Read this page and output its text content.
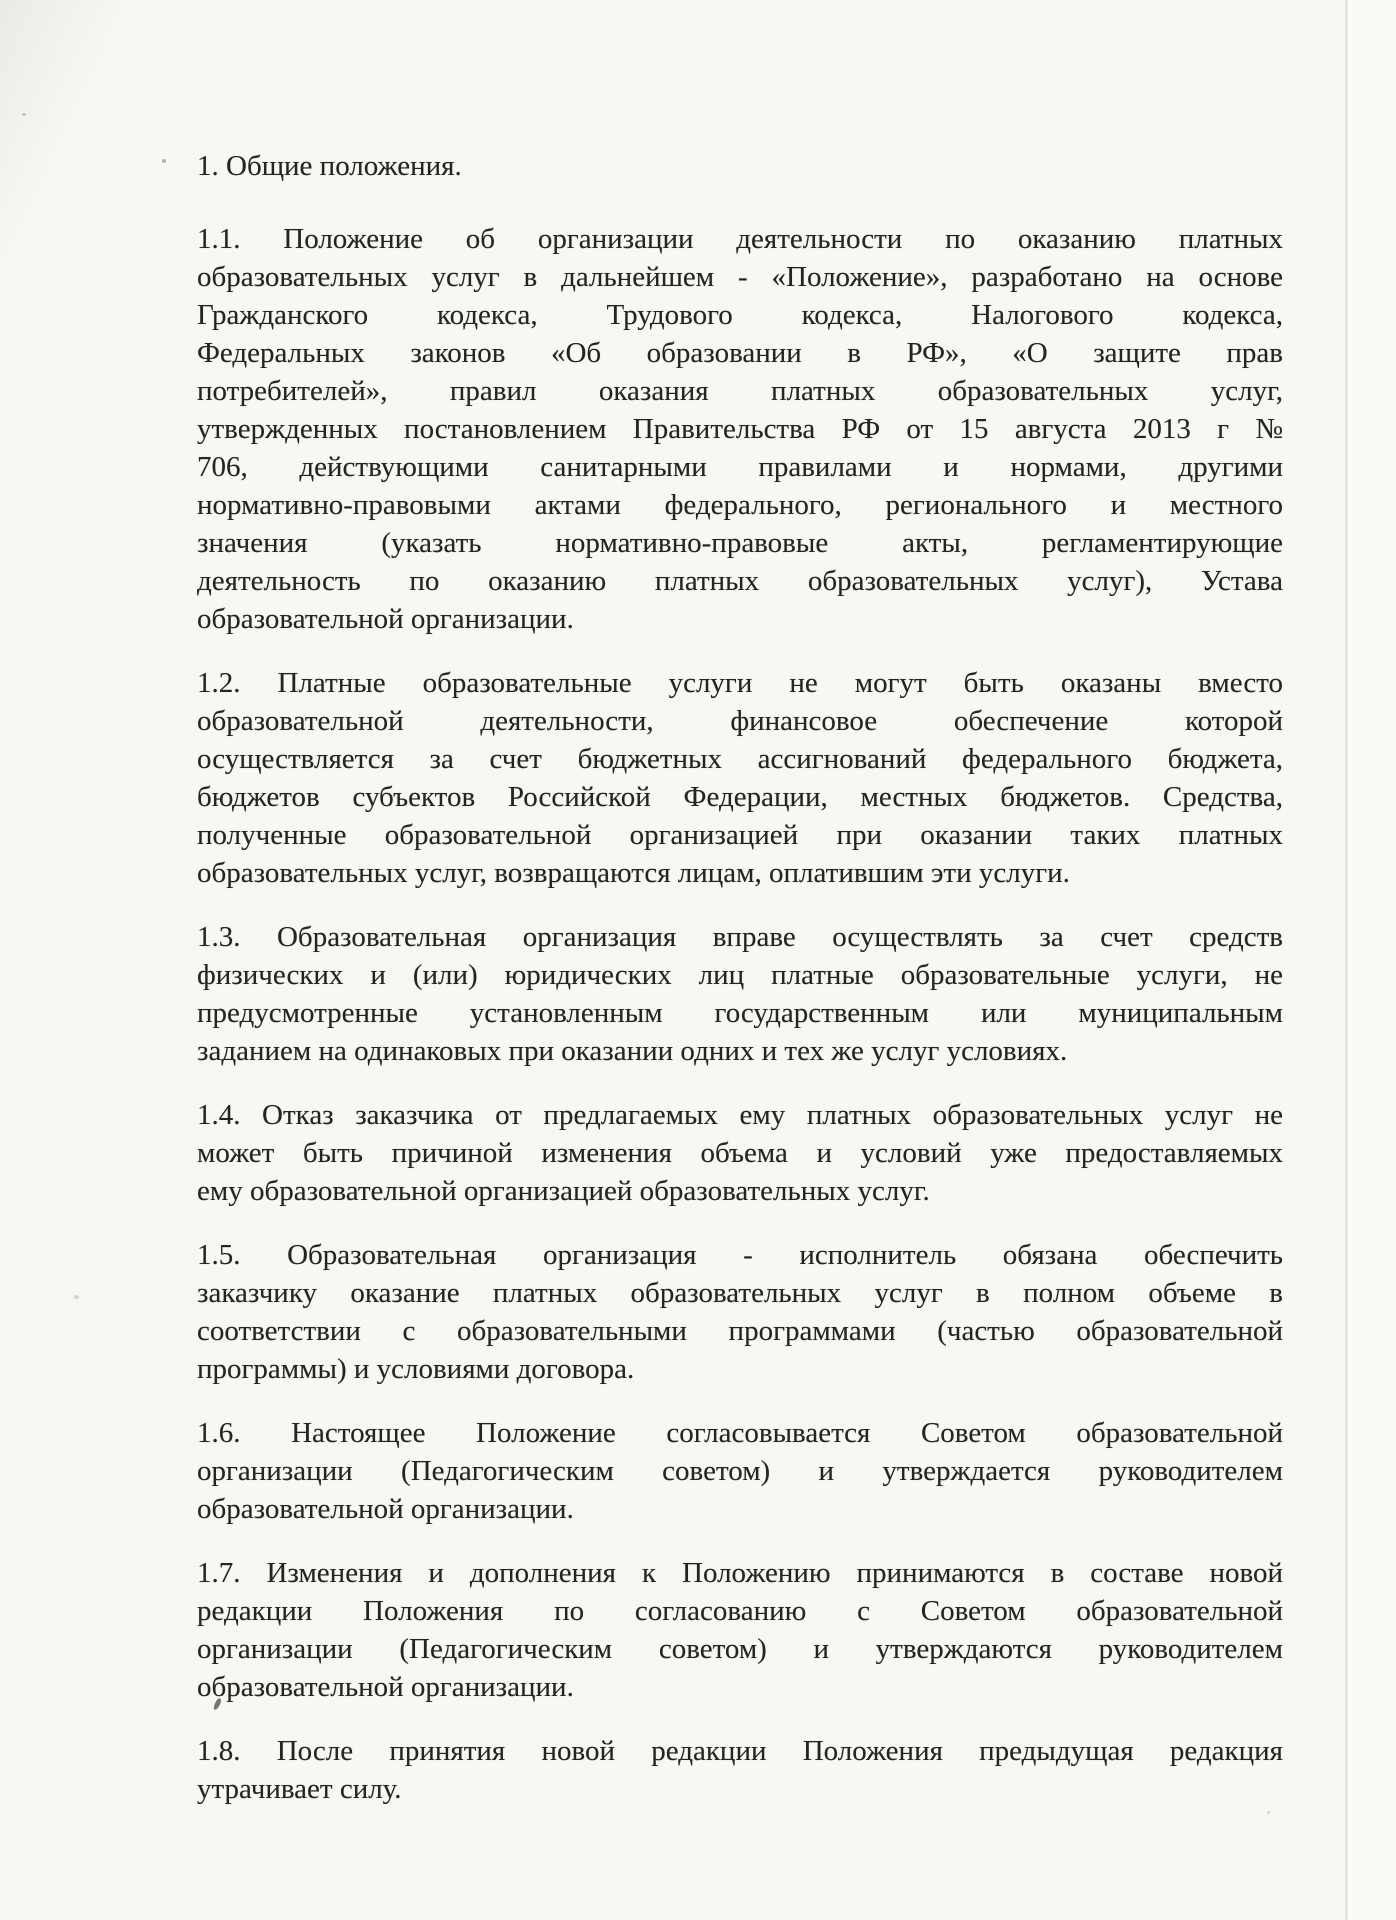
1. Общие положения.
1.1. Положение об организации деятельности по оказанию платных
образовательных услуг в дальнейшем - «Положение», разработано на основе
Гражданского кодекса, Трудового кодекса, Налогового кодекса,
Федеральных законов «Об образовании в РФ», «О защите прав
потребителей», правил оказания платных образовательных услуг,
утвержденных постановлением Правительства РФ от 15 августа 2013 г №
706, действующими санитарными правилами и нормами, другими
нормативно-правовыми актами федерального, регионального и местного
значения (указать нормативно-правовые акты, регламентирующие
деятельность по оказанию платных образовательных услуг), Устава
образовательной организации.
1.2. Платные образовательные услуги не могут быть оказаны вместо
образовательной деятельности, финансовое обеспечение которой
осуществляется за счет бюджетных ассигнований федерального бюджета,
бюджетов субъектов Российской Федерации, местных бюджетов. Средства,
полученные образовательной организацией при оказании таких платных
образовательных услуг, возвращаются лицам, оплатившим эти услуги.
1.3. Образовательная организация вправе осуществлять за счет средств
физических и (или) юридических лиц платные образовательные услуги, не
предусмотренные установленным государственным или муниципальным
заданием на одинаковых при оказании одних и тех же услуг условиях.
1.4. Отказ заказчика от предлагаемых ему платных образовательных услуг не
может быть причиной изменения объема и условий уже предоставляемых
ему образовательной организацией образовательных услуг.
1.5. Образовательная организация - исполнитель обязана обеспечить
заказчику оказание платных образовательных услуг в полном объеме в
соответствии с образовательными программами (частью образовательной
программы) и условиями договора.
1.6. Настоящее Положение согласовывается Советом образовательной
организации (Педагогическим советом) и утверждается руководителем
образовательной организации.
1.7. Изменения и дополнения к Положению принимаются в составе новой
редакции Положения по согласованию с Советом образовательной
организации (Педагогическим советом) и утверждаются руководителем
образовательной организации.
1.8. После принятия новой редакции Положения предыдущая редакция
утрачивает силу.
